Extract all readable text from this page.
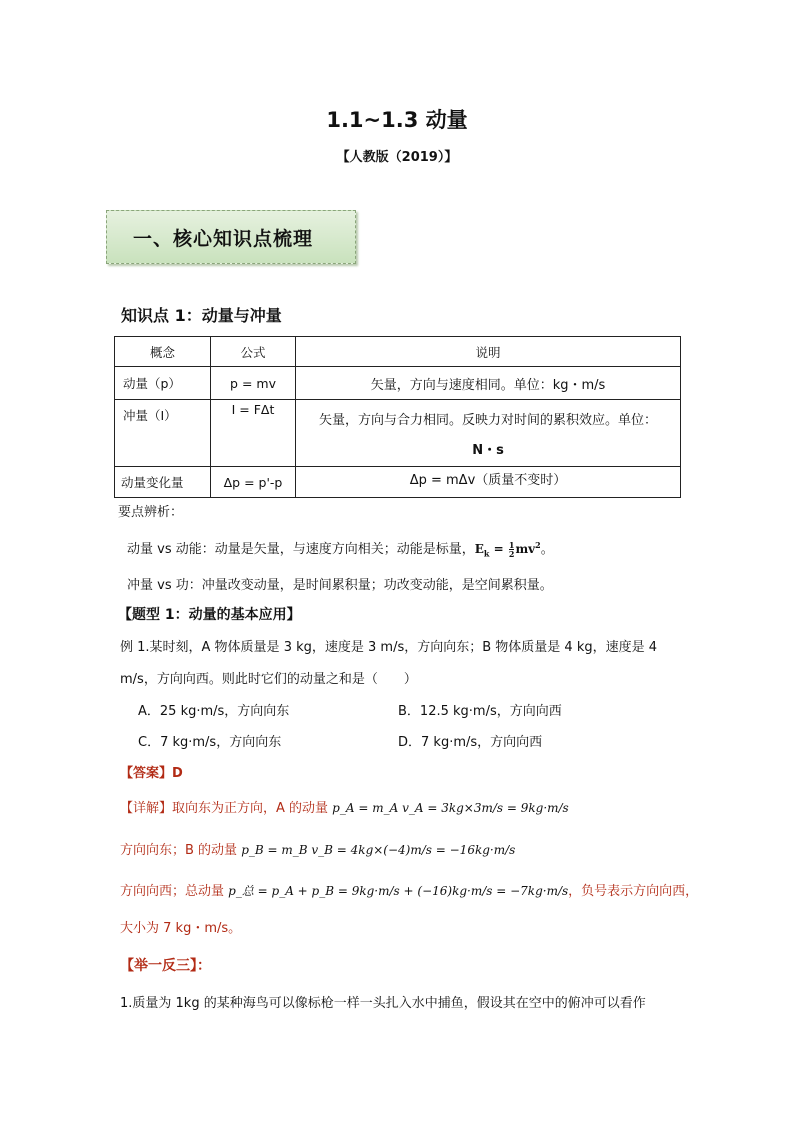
1.1~1.3 动量
【人教版（2019）】
一、核心知识点梳理
知识点 1：动量与冲量
概念	公式	说明
动量（p）	p = mv	矢量，方向与速度相同。单位：kg・m/s
冲量（I）	I = FΔt	矢量，方向与合力相同。反映力对时间的累积效应。单位：
N・s

动量变化量	Δp = p'-p	Δp = mΔv（质量不变时）
要点辨析：
动量 vs 动能：动量是矢量，与速度方向相关；动能是标量，$E_k = \frac{1}{2} mv^2$。
冲量 vs 功：冲量改变动量，是时间累积量；功改变动能，是空间累积量。
【题型 1：动量的基本应用】
例 1.某时刻，A 物体质量是 3 kg，速度是 3 m/s，方向向东；B 物体质量是 4 kg，速度是 4
m/s，方向向西。则此时它们的动量之和是（　　）
A．25 kg·m/s，方向向东	B．12.5 kg·m/s，方向向西
C．7 kg·m/s，方向向东	D．7 kg·m/s，方向向西
【答案】D
【详解】取向东为正方向，A 的动量 p_A = m_A v_A = 3kg×3m/s = 9kg·m/s
方向向东；B 的动量 p_B = m_B v_B = 4kg×(−4)m/s = −16kg·m/s
方向向西；总动量 p_总 = p_A + p_B = 9kg·m/s + (−16)kg·m/s = −7kg·m/s，负号表示方向向西，
大小为 7 kg・m/s。
【举一反三】：
1.质量为 1kg 的某种海鸟可以像标枪一样一头扎入水中捕鱼，假设其在空中的俯冲可以看作
